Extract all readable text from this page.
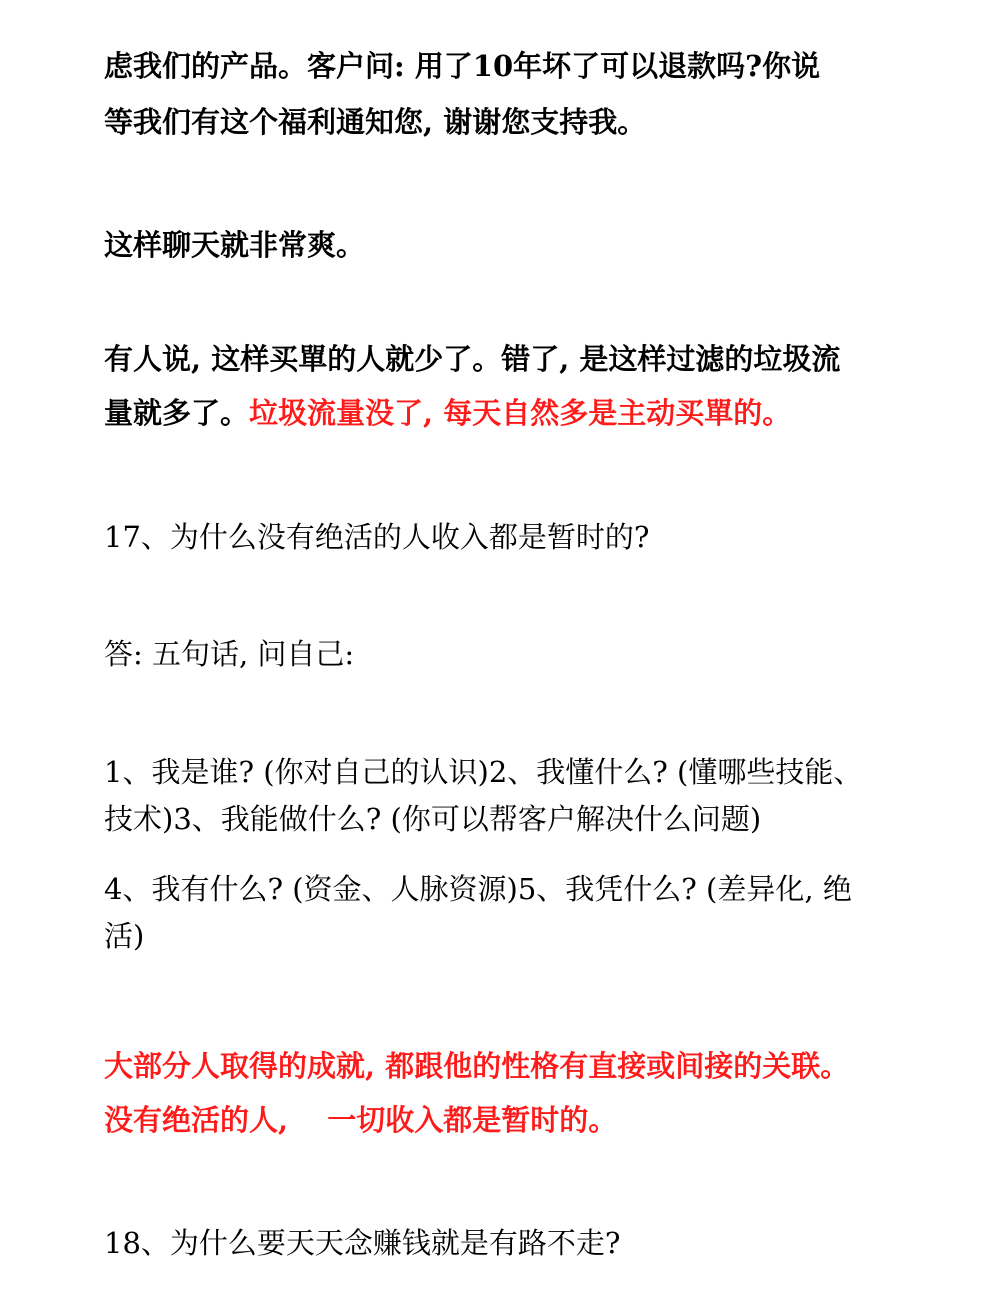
虑我们的产品。客户问: 用了10年坏了可以退款吗?你说
等我们有这个福利通知您, 谢谢您支持我。
这样聊天就非常爽。
有人说, 这样买單的人就少了。错了, 是这样过滤的垃圾流
量就多了。垃圾流量没了, 每天自然多是主动买單的。
17、为什么没有绝活的人收入都是暂时的?
答: 五句话, 问自己:
1、我是谁? (你对自己的认识)2、我懂什么? (懂哪些技能、
技术)3、我能做什么? (你可以帮客户解决什么问题)
4、我有什么? (资金、人脉资源)5、我凭什么? (差异化, 绝
活)
大部分人取得的成就, 都跟他的性格有直接或间接的关联。
没有绝活的人,　 一切收入都是暂时的。
18、为什么要天天念赚钱就是有路不走?
